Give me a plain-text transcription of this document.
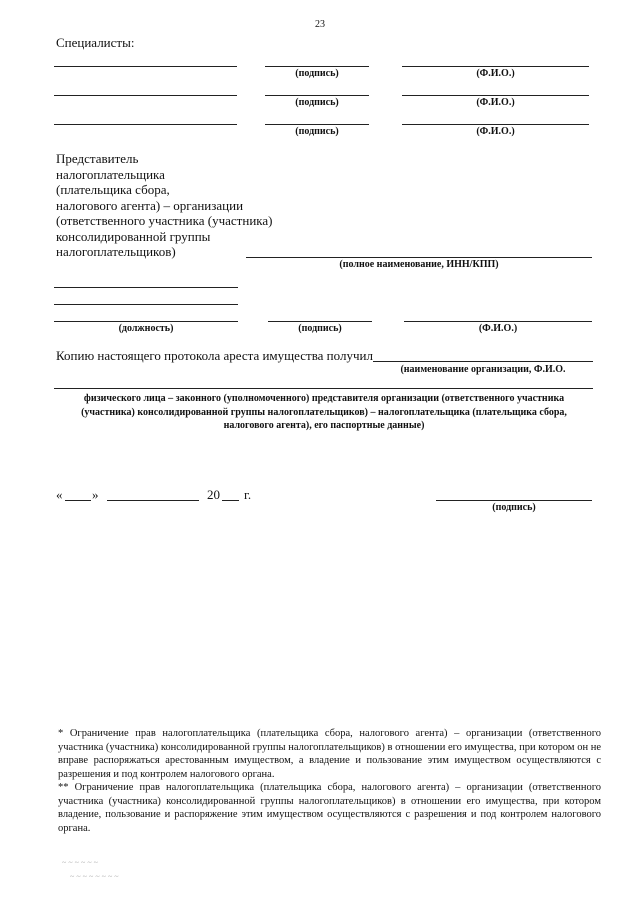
23
Специалисты:
(подпись)	(Ф.И.О.)
(подпись)	(Ф.И.О.)
(подпись)	(Ф.И.О.)
Представитель
налогоплательщика
(плательщика сбора,
налогового агента) – организации
(ответственного участника (участника)
консолидированной группы
налогоплательщиков)
(полное наименование, ИНН/КПП)
(должность)	(подпись)	(Ф.И.О.)
Копию настоящего протокола ареста имущества получил
(наименование организации, Ф.И.О.
физического лица – законного (уполномоченного) представителя организации (ответственного участника (участника) консолидированной группы налогоплательщиков) – налогоплательщика (плательщика сбора, налогового агента), его паспортные данные)
« »	20 г.
(подпись)
* Ограничение прав налогоплательщика (плательщика сбора, налогового агента) – организации (ответственного участника (участника) консолидированной группы налогоплательщиков) в отношении его имущества, при котором он не вправе распоряжаться арестованным имуществом, а владение и пользование этим имуществом осуществляются с разрешения и под контролем налогового органа.
** Ограничение прав налогоплательщика (плательщика сбора, налогового агента) – организации (ответственного участника (участника) консолидированной группы налогоплательщиков) в отношении его имущества, при котором владение, пользование и распоряжение этим имуществом осуществляются с разрешения и под контролем налогового органа.
~ ~ ~ ~ ~ ~
~ ~ ~ ~ ~ ~ ~ ~
